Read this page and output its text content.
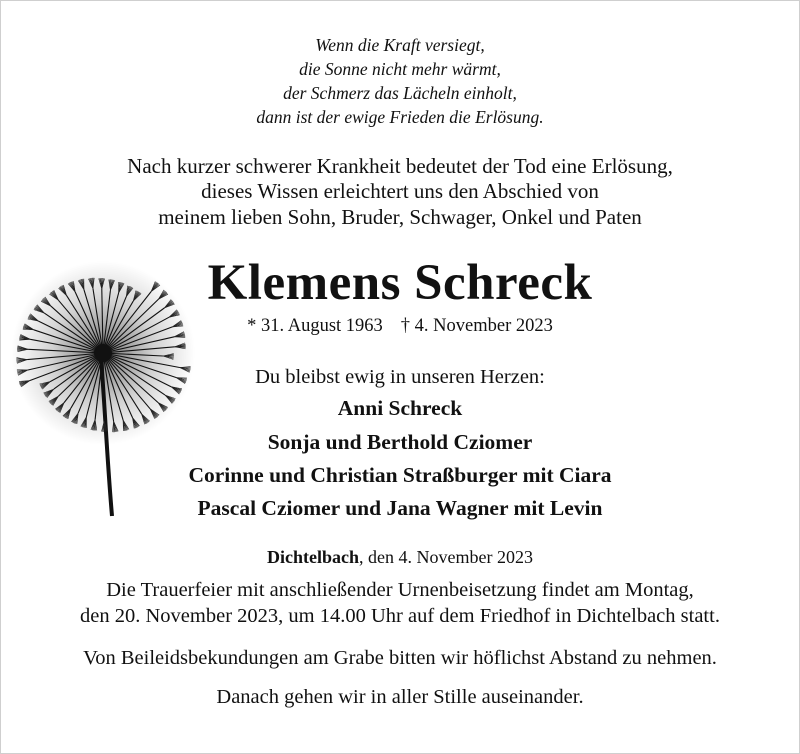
Wenn die Kraft versiegt,
die Sonne nicht mehr wärmt,
der Schmerz das Lächeln einholt,
dann ist der ewige Frieden die Erlösung.
Nach kurzer schwerer Krankheit bedeutet der Tod eine Erlösung,
dieses Wissen erleichtert uns den Abschied von
meinem lieben Sohn, Bruder, Schwager, Onkel und Paten
Klemens Schreck
* 31. August 1963 † 4. November 2023
Du bleibst ewig in unseren Herzen:
Anni Schreck
Sonja und Berthold Cziomer
Corinne und Christian Straßburger mit Ciara
Pascal Cziomer und Jana Wagner mit Levin
Dichtelbach, den 4. November 2023
Die Trauerfeier mit anschließender Urnenbeisetzung findet am Montag,
den 20. November 2023, um 14.00 Uhr auf dem Friedhof in Dichtelbach statt.
Von Beileidsbekundungen am Grabe bitten wir höflichst Abstand zu nehmen.
Danach gehen wir in aller Stille auseinander.
